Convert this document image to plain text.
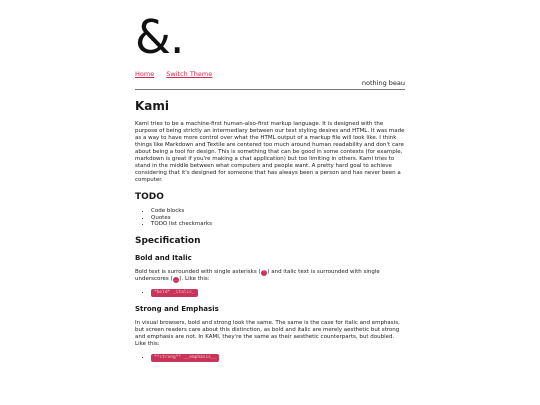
&.
Home Switch Theme
nothing beau
Kami

Kami tries to be a machine-first human-also-first markup language. It is designed with the purpose of being strictly an intermediary between our text styling desires and HTML. It was made as a way to have more control over what the HTML output of a markup file will look like. I think things like Markdown and Textile are centered too much around human readability and don't care about being a tool for design. This is something that can be good in some contexts (for example, markdown is great if you're making a chat application) but too limiting in others. Kami tries to stand in the middle between what computers and people want. A pretty hard goal to achieve considering that it's designed for someone that has always been a person and has never been a computer.

TODO
• Code blocks
• Quotes
• TODO list checkmarks
Specification
Bold and Italic

Bold text is surrounded with single asterisks ( * ) and italic text is surrounded with single underscores ( _ ). Like this:

• *bold* _italic_
Strong and Emphasis

In visual browsers, bold and strong look the same. The same is the case for italic and emphasis, but screen readers care about this distinction, as bold and italic are merely aesthetic but strong and emphasis are not. In KAMI, they're the same as their aesthetic counterparts, but doubled. Like this:

• **strong** __emphasis__
